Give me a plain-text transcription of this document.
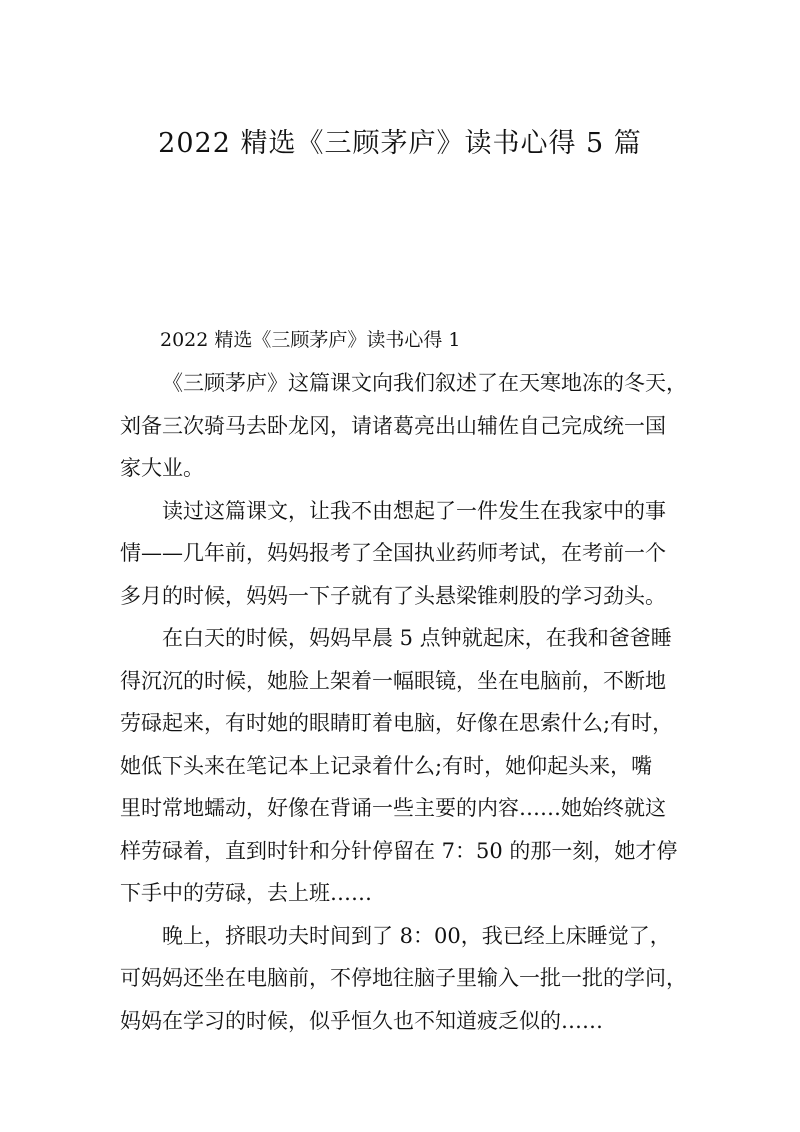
2022 精选《三顾茅庐》读书心得 5 篇
2022 精选《三顾茅庐》读书心得 1

《三顾茅庐》这篇课文向我们叙述了在天寒地冻的冬天，
刘备三次骑马去卧龙冈，请诸葛亮出山辅佐自己完成统一国
家大业。

读过这篇课文，让我不由想起了一件发生在我家中的事
情——几年前，妈妈报考了全国执业药师考试，在考前一个
多月的时候，妈妈一下子就有了头悬梁锥刺股的学习劲头。

在白天的时候，妈妈早晨 5 点钟就起床，在我和爸爸睡
得沉沉的时候，她脸上架着一幅眼镜，坐在电脑前，不断地
劳碌起来，有时她的眼睛盯着电脑，好像在思索什么;有时，
她低下头来在笔记本上记录着什么;有时，她仰起头来，嘴
里时常地蠕动，好像在背诵一些主要的内容……她始终就这
样劳碌着，直到时针和分针停留在 7：50 的那一刻，她才停
下手中的劳碌，去上班……

晚上，挤眼功夫时间到了 8：00，我已经上床睡觉了，
可妈妈还坐在电脑前，不停地往脑子里输入一批一批的学问，
妈妈在学习的时候，似乎恒久也不知道疲乏似的……
